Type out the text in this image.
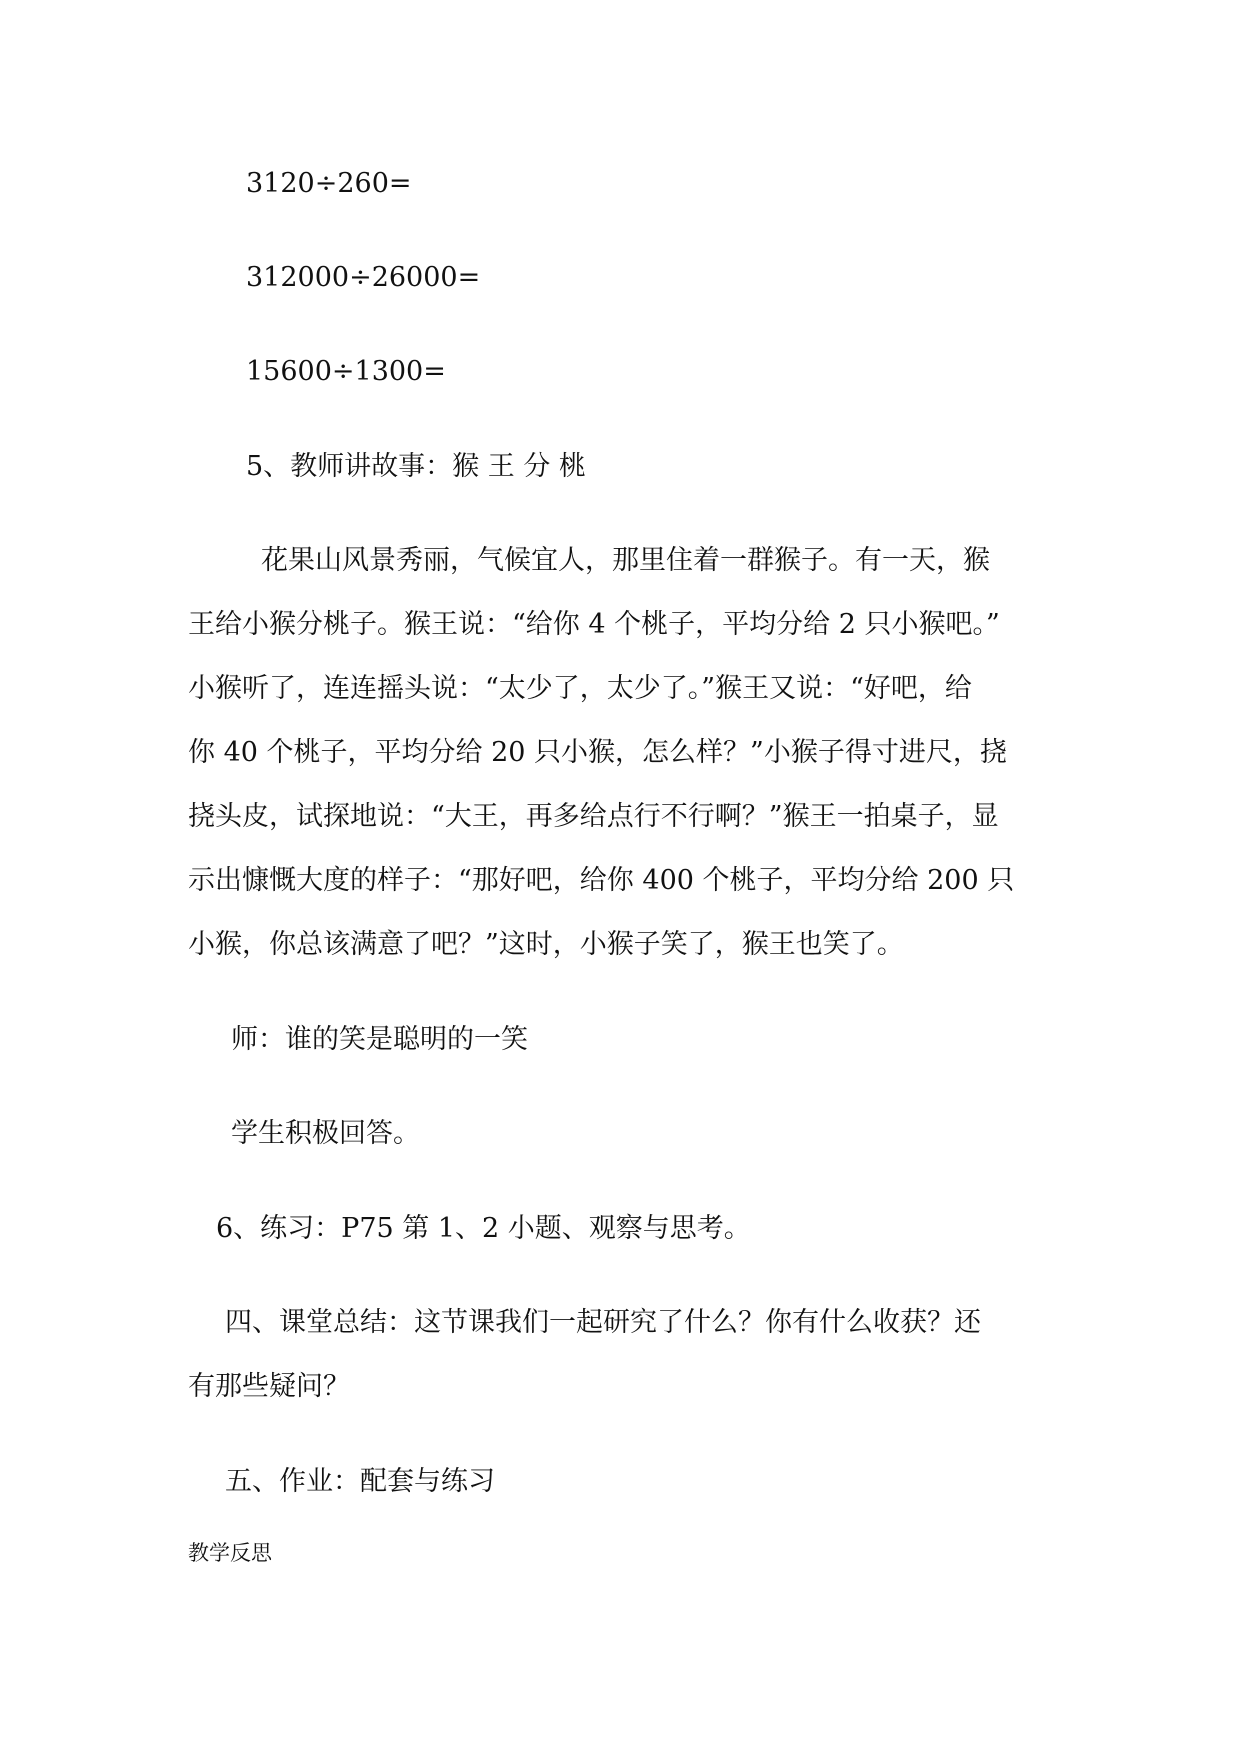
3120÷260=
312000÷26000=
15600÷1300=
5、教师讲故事：猴 王 分 桃
花果山风景秀丽，气候宜人，那里住着一群猴子。有一天，猴
王给小猴分桃子。猴王说：“给你 4 个桃子，平均分给 2 只小猴吧。”
小猴听了，连连摇头说：“太少了，太少了。”猴王又说：“好吧，给
你 40 个桃子，平均分给 20 只小猴，怎么样？”小猴子得寸进尺，挠
挠头皮，试探地说：“大王，再多给点行不行啊？”猴王一拍桌子，显
示出慷慨大度的样子：“那好吧，给你 400 个桃子，平均分给 200 只
小猴，你总该满意了吧？”这时，小猴子笑了，猴王也笑了。
师：谁的笑是聪明的一笑
学生积极回答。
6、练习：P75 第 1、2 小题、观察与思考。
四、课堂总结：这节课我们一起研究了什么？你有什么收获？还
有那些疑问？
五、作业：配套与练习
教学反思
